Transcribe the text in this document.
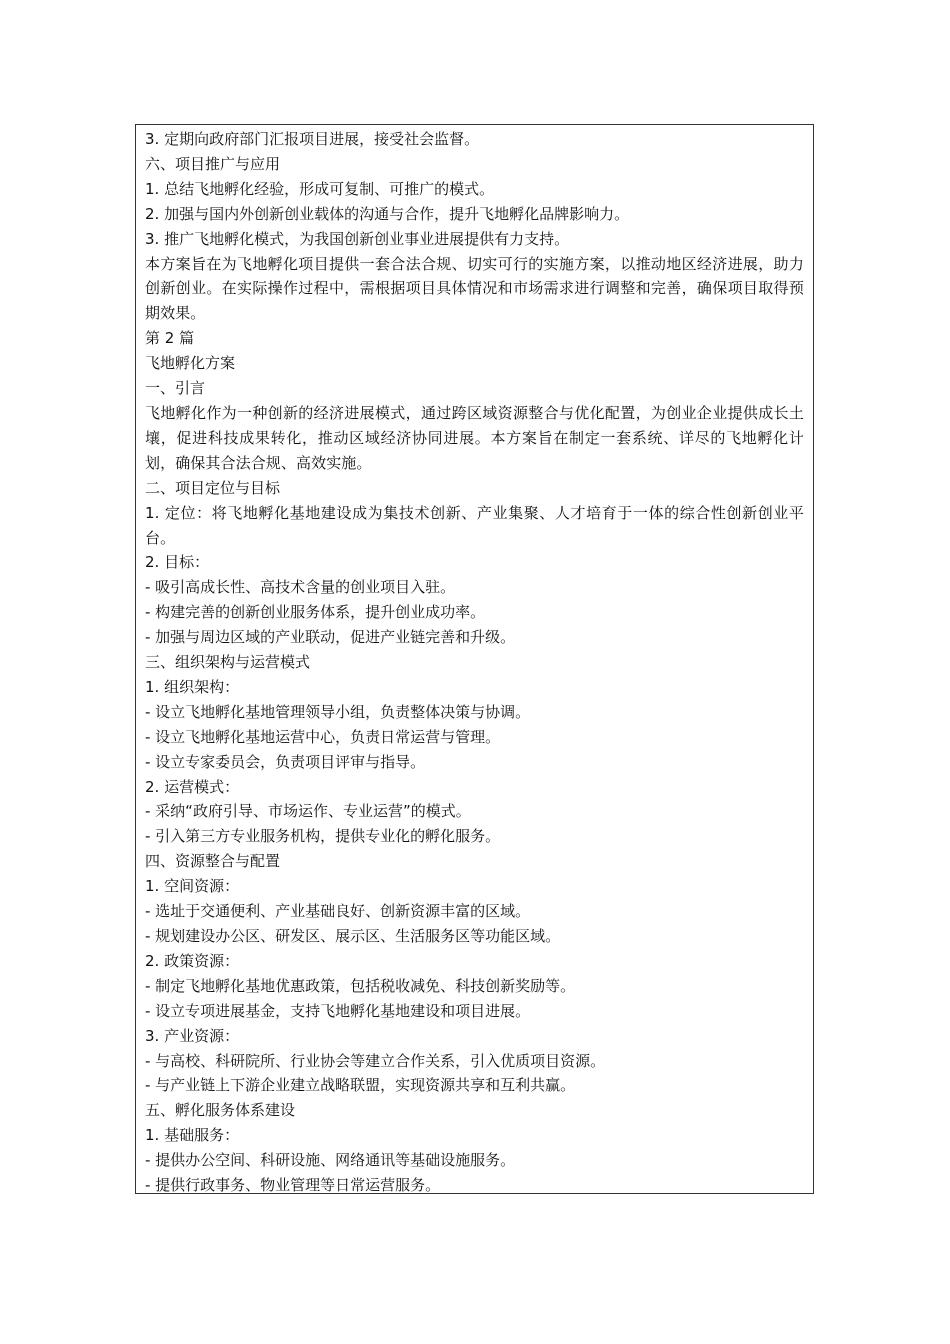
3. 定期向政府部门汇报项目进展，接受社会监督。

六、项目推广与应用

1. 总结飞地孵化经验，形成可复制、可推广的模式。

2. 加强与国内外创新创业载体的沟通与合作，提升飞地孵化品牌影响力。

3. 推广飞地孵化模式，为我国创新创业事业进展提供有力支持。

本方案旨在为飞地孵化项目提供一套合法合规、切实可行的实施方案，以推动地区经济进展，助力创新创业。在实际操作过程中，需根据项目具体情况和市场需求进行调整和完善，确保项目取得预期效果。

第 2 篇

飞地孵化方案

一、引言

飞地孵化作为一种创新的经济进展模式，通过跨区域资源整合与优化配置，为创业企业提供成长土壤，促进科技成果转化，推动区域经济协同进展。本方案旨在制定一套系统、详尽的飞地孵化计划，确保其合法合规、高效实施。

二、项目定位与目标

1. 定位：将飞地孵化基地建设成为集技术创新、产业集聚、人才培育于一体的综合性创新创业平台。

2. 目标：

- 吸引高成长性、高技术含量的创业项目入驻。

- 构建完善的创新创业服务体系，提升创业成功率。

- 加强与周边区域的产业联动，促进产业链完善和升级。

三、组织架构与运营模式

1. 组织架构：

- 设立飞地孵化基地管理领导小组，负责整体决策与协调。

- 设立飞地孵化基地运营中心，负责日常运营与管理。

- 设立专家委员会，负责项目评审与指导。

2. 运营模式：

- 采纳“政府引导、市场运作、专业运营”的模式。

- 引入第三方专业服务机构，提供专业化的孵化服务。

四、资源整合与配置

1. 空间资源：

- 选址于交通便利、产业基础良好、创新资源丰富的区域。

- 规划建设办公区、研发区、展示区、生活服务区等功能区域。

2. 政策资源：

- 制定飞地孵化基地优惠政策，包括税收减免、科技创新奖励等。

- 设立专项进展基金，支持飞地孵化基地建设和项目进展。

3. 产业资源：

- 与高校、科研院所、行业协会等建立合作关系，引入优质项目资源。

- 与产业链上下游企业建立战略联盟，实现资源共享和互利共赢。

五、孵化服务体系建设

1. 基础服务：

- 提供办公空间、科研设施、网络通讯等基础设施服务。

- 提供行政事务、物业管理等日常运营服务。
